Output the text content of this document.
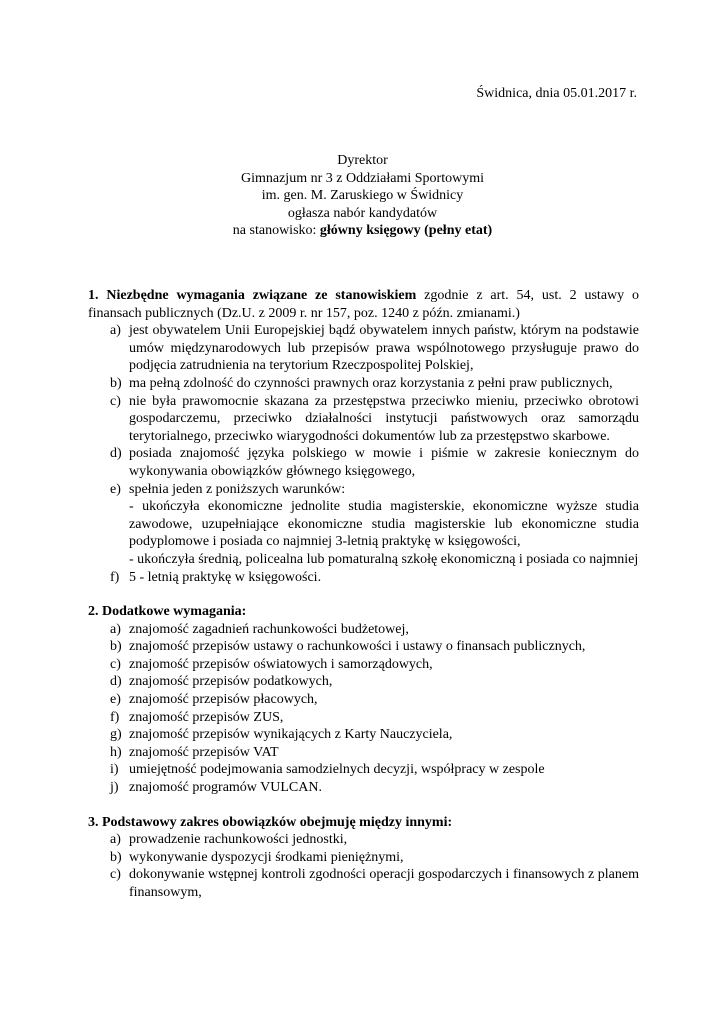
Świdnica, dnia 05.01.2017 r.
Dyrektor
Gimnazjum nr 3 z Oddziałami Sportowymi
im. gen. M. Zaruskiego w Świdnicy
ogłasza nabór kandydatów
na stanowisko: główny księgowy (pełny etat)
1. Niezbędne wymagania związane ze stanowiskiem zgodnie z art. 54, ust. 2 ustawy o finansach publicznych (Dz.U. z 2009 r. nr 157, poz. 1240 z późn. zmianami.)
a) jest obywatelem Unii Europejskiej bądź obywatelem innych państw, którym na podstawie umów międzynarodowych lub przepisów prawa wspólnotowego przysługuje prawo do podjęcia zatrudnienia na terytorium Rzeczpospolitej Polskiej,
b) ma pełną zdolność do czynności prawnych oraz korzystania z pełni praw publicznych,
c) nie była prawomocnie skazana za przestępstwa przeciwko mieniu, przeciwko obrotowi gospodarczemu, przeciwko działalności instytucji państwowych oraz samorządu terytorialnego, przeciwko wiarygodności dokumentów lub za przestępstwo skarbowe.
d) posiada znajomość języka polskiego w mowie i piśmie w zakresie koniecznym do wykonywania obowiązków głównego księgowego,
e) spełnia jeden z poniższych warunków:
- ukończyła ekonomiczne jednolite studia magisterskie, ekonomiczne wyższe studia zawodowe, uzupełniające ekonomiczne studia magisterskie lub ekonomiczne studia podyplomowe i posiada co najmniej 3-letnią praktykę w księgowości,
- ukończyła średnią, policealna lub pomaturalną szkołę ekonomiczną i posiada co najmniej
f) 5 - letnią praktykę w księgowości.
2. Dodatkowe wymagania:
a) znajomość zagadnień rachunkowości budżetowej,
b) znajomość przepisów ustawy o rachunkowości i ustawy o finansach publicznych,
c) znajomość przepisów oświatowych i samorządowych,
d) znajomość przepisów podatkowych,
e) znajomość przepisów płacowych,
f) znajomość przepisów ZUS,
g) znajomość przepisów wynikających z Karty Nauczyciela,
h) znajomość przepisów VAT
i) umiejętność podejmowania samodzielnych decyzji, współpracy w zespole
j) znajomość programów VULCAN.
3. Podstawowy zakres obowiązków obejmuję między innymi:
a) prowadzenie rachunkowości jednostki,
b) wykonywanie dyspozycji środkami pieniężnymi,
c) dokonywanie wstępnej kontroli zgodności operacji gospodarczych i finansowych z planem finansowym,
